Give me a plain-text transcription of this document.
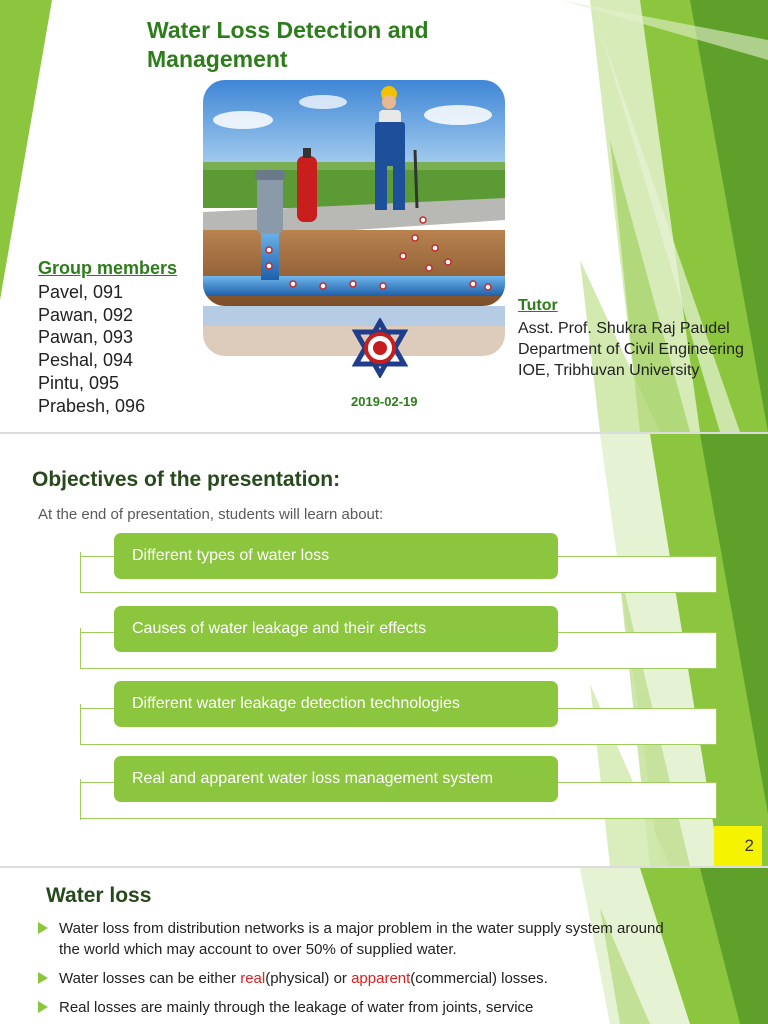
Water Loss Detection and Management
Group members
Pavel, 091
Pawan, 092
Pawan, 093
Peshal, 094
Pintu, 095
Prabesh, 096	2019-02-19
Tutor
Asst. Prof. Shukra Raj Paudel
Department of Civil Engineering
IOE, Tribhuvan University
Objectives of the presentation:
At the end of presentation, students will learn about:
Different types of water loss
Causes of water leakage and their effects
Different water leakage detection technologies
Real and apparent water loss management system
2
Water loss
Water loss from distribution networks is a major problem in the water supply system around the world which may account to over 50% of supplied water.
Water losses can be either real(physical) or apparent(commercial) losses.
Real losses are mainly through the leakage of water from joints, service
